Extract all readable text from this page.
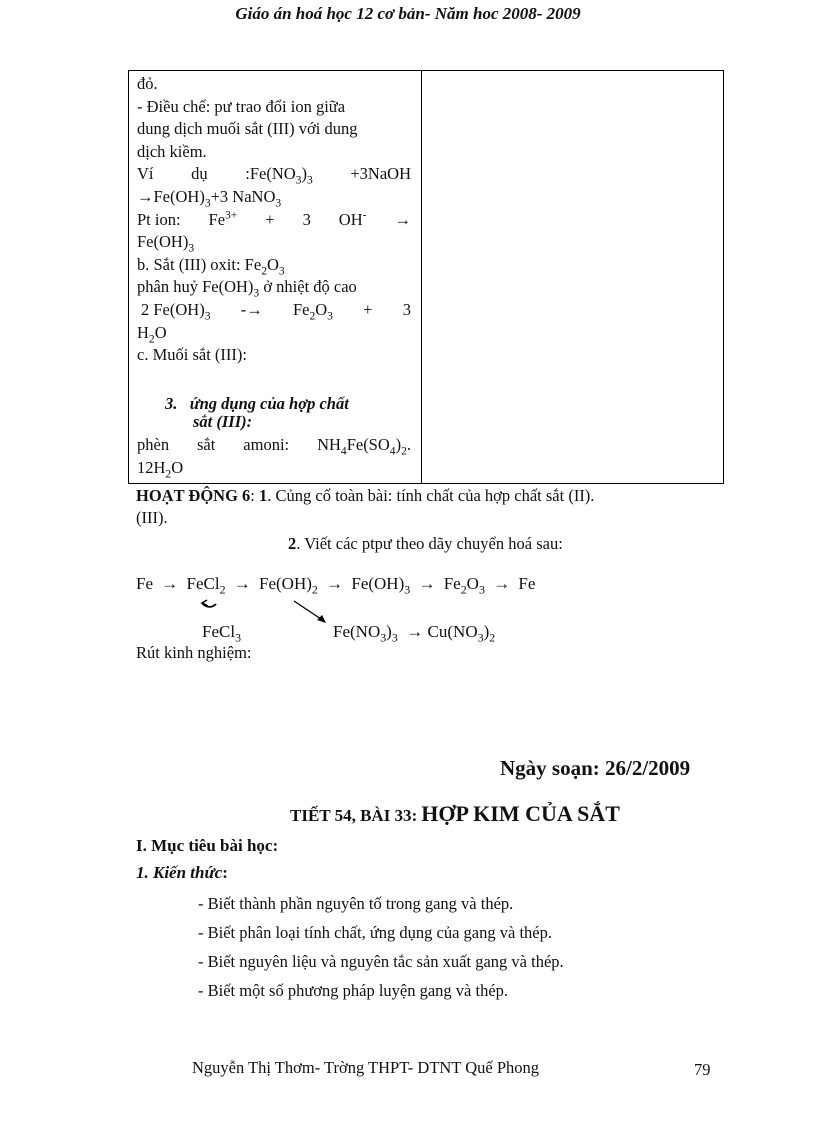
Giáo án hoá học 12 cơ bản- Năm hoc 2008- 2009
đỏ.
- Điều chế: pư trao đổi ion giữa
dung dịch muối sắt (III) với dung
dịch kiềm.
Ví dụ $:Fe(NO_3)_3$ +3NaOH
$\to Fe(OH)_3+3$ NaNO$_3$
Pt ion: $Fe^{3+} + 3$ OH- →
$Fe(OH)_3$
b. Sắt (III) oxit: $Fe_2O_3$
phân huỷ $Fe(OH)_3$ ở nhiệt độ cao
2 $Fe(OH)_3 -\to Fe_2O_3 + 3$
$H_2O$
c. Muối sắt (III):
3. ứng dụng của hợp chất
sắt (III):
phèn sắt amoni: $NH_4Fe(SO_4)_2$.
$12H_2O$
HOẠT ĐỘNG 6: 1. Củng cố toàn bài: tính chất của hợp chất sắt (II).
(III).
2. Viết các ptpư theo dãy chuyển hoá sau:
Fe → FeCl$_2$ → $Fe(OH)_2 \to Fe(OH)_3 \to Fe_2O_3 \to Fe$
FeCl$_3$	$Fe(NO_3)_3 \to Cu(NO_3)_2$
Rút kinh nghiệm:
Ngày soạn: 26/2/2009
TIẾT 54, BÀI 33: HỢP KIM CỦA SẮT
I. Mục tiêu bài học:
1. Kiến thức:
- Biết thành phần nguyên tố trong gang và thép.
- Biết phân loại tính chất, ứng dụng của gang và thép.
- Biết nguyên liệu và nguyên tắc sản xuất gang và thép.
- Biết một số phương pháp luyện gang và thép.
Nguyễn Thị Thơm- Trờng THPT- DTNT Quế Phong	79
